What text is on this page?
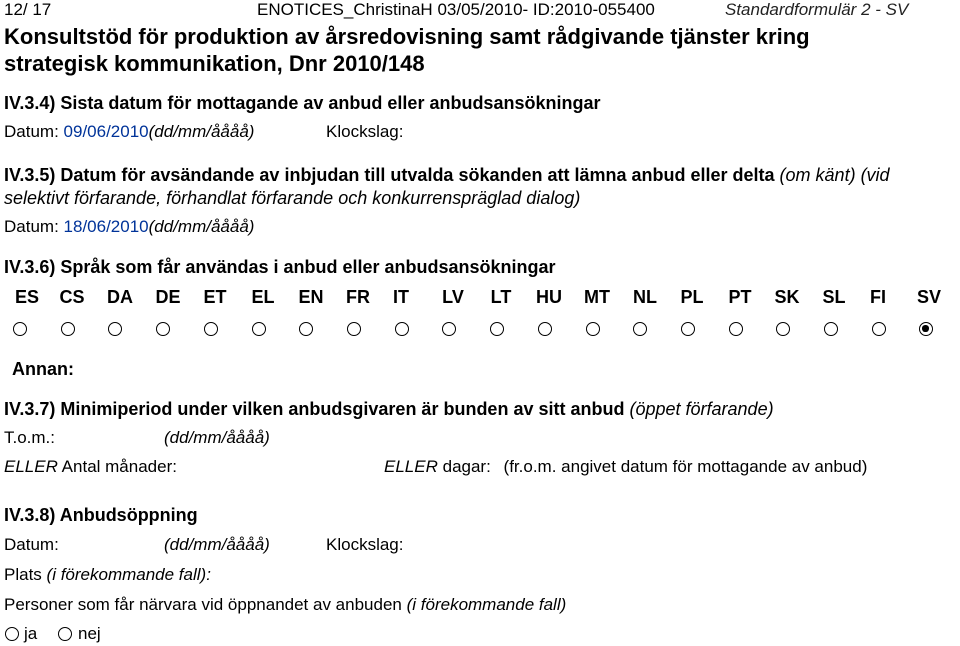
12/ 17	ENOTICES_ChristinaH 03/05/2010- ID:2010-055400	Standardformulär 2 - SV
Konsultstöd för produktion av årsredovisning samt rådgivande tjänster kring
strategisk kommunikation, Dnr 2010/148
IV.3.4) Sista datum för mottagande av anbud eller anbudsansökningar
Datum: 09/06/2010(dd/mm/åååå)	Klockslag:
IV.3.5) Datum för avsändande av inbjudan till utvalda sökanden att lämna anbud eller delta (om känt) (vid
selektivt förfarande, förhandlat förfarande och konkurrenspräglad dialog)
Datum: 18/06/2010(dd/mm/åååå)
IV.3.6) Språk som får användas i anbud eller anbudsansökningar
ES	CS	DA	DE	ET	EL	EN	FR	IT	LV	LT	HU	MT	NL	PL	PT	SK	SL	FI	SV
Annan:
IV.3.7) Minimiperiod under vilken anbudsgivaren är bunden av sitt anbud (öppet förfarande)
T.o.m.:	(dd/mm/åååå)
ELLER Antal månader:	ELLER dagar: (fr.o.m. angivet datum för mottagande av anbud)
IV.3.8) Anbudsöppning
Datum:	(dd/mm/åååå)	Klockslag:
Plats (i förekommande fall):
Personer som får närvara vid öppnandet av anbuden (i förekommande fall)
ja nej
